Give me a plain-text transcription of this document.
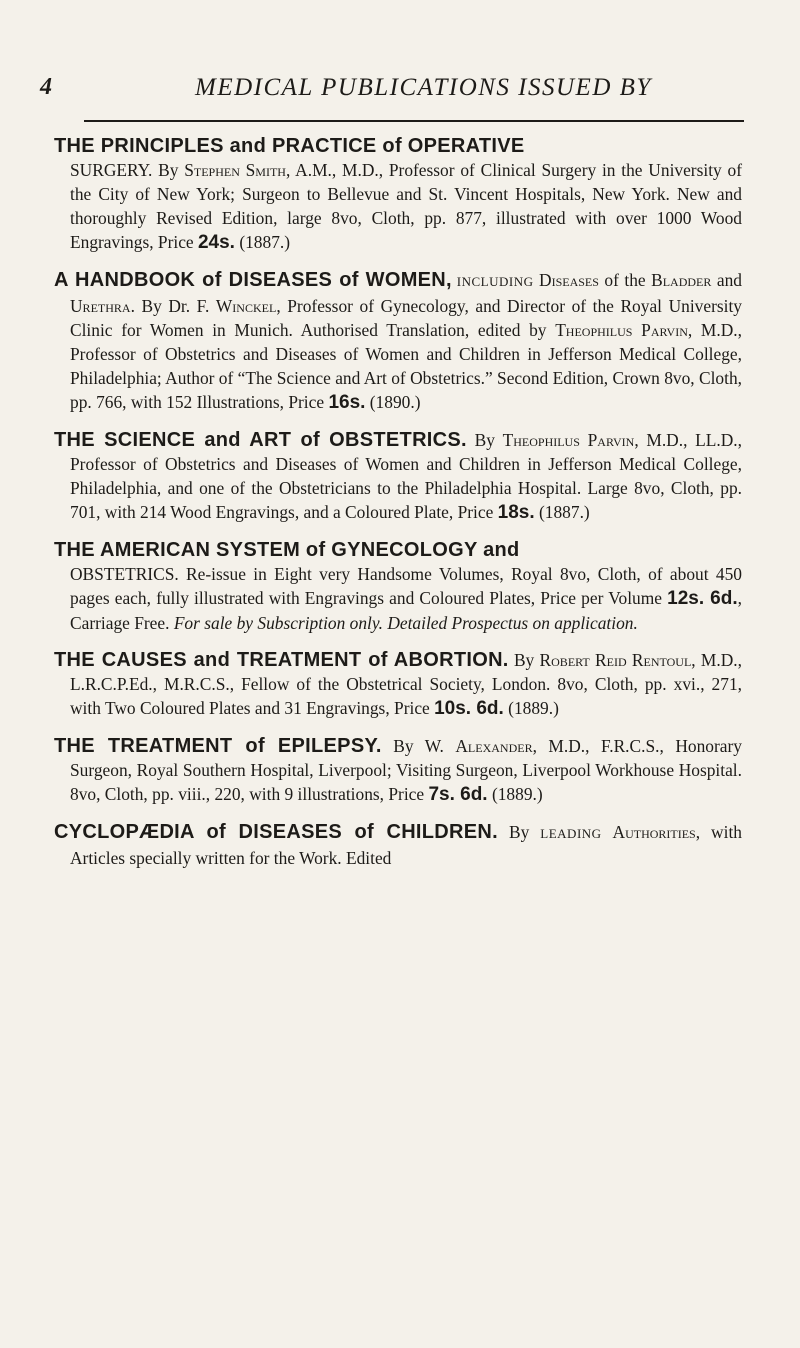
4	MEDICAL PUBLICATIONS ISSUED BY

THE PRINCIPLES and PRACTICE of OPERATIVE
SURGERY. By Stephen Smith, A.M., M.D., Professor of Clinical Surgery in the University of the City of New York; Surgeon to Bellevue and St. Vincent Hospitals, New York. New and thoroughly Revised Edition, large 8vo, Cloth, pp. 877, illustrated with over 1000 Wood Engravings, Price 24s. (1887.)

A HANDBOOK of DISEASES of WOMEN, INCLUDING Diseases of the Bladder and Urethra. By Dr. F. Winckel, Professor of Gynecology, and Director of the Royal University Clinic for Women in Munich. Authorised Translation, edited by Theophilus Parvin, M.D., Professor of Obstetrics and Diseases of Women and Children in Jefferson Medical College, Philadelphia; Author of “The Science and Art of Obstetrics.” Second Edition, Crown 8vo, Cloth, pp. 766, with 152 Illustrations, Price 16s. (1890.)

THE SCIENCE and ART of OBSTETRICS. By Theophilus Parvin, M.D., LL.D., Professor of Obstetrics and Diseases of Women and Children in Jefferson Medical College, Philadelphia, and one of the Obstetricians to the Philadelphia Hospital. Large 8vo, Cloth, pp. 701, with 214 Wood Engravings, and a Coloured Plate, Price 18s. (1887.)

THE AMERICAN SYSTEM of GYNECOLOGY and
OBSTETRICS. Re-issue in Eight very Handsome Volumes, Royal 8vo, Cloth, of about 450 pages each, fully illustrated with Engravings and Coloured Plates, Price per Volume 12s. 6d., Carriage Free. For sale by Subscription only. Detailed Prospectus on application.

THE CAUSES and TREATMENT of ABORTION. By Robert Reid Rentoul, M.D., L.R.C.P.Ed., M.R.C.S., Fellow of the Obstetrical Society, London. 8vo, Cloth, pp. xvi., 271, with Two Coloured Plates and 31 Engravings, Price 10s. 6d. (1889.)

THE TREATMENT of EPILEPSY. By W. Alexander, M.D., F.R.C.S., Honorary Surgeon, Royal Southern Hospital, Liverpool; Visiting Surgeon, Liverpool Workhouse Hospital. 8vo, Cloth, pp. viii., 220, with 9 illustrations, Price 7s. 6d. (1889.)

CYCLOPÆDIA of DISEASES of CHILDREN. By LEADING Authorities, with Articles specially written for the Work. Edited
